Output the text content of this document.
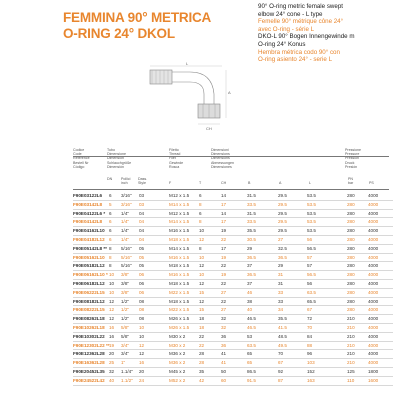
FEMMINA 90° METRICA
O-RING 24° DKOL
90° O-ring metric female swept
elbow 24° cone - L type
Femelle 90° métrique cône 24°
avec O-ring - série L
DKO-L 90° Bogen Innengewinde m
O-ring 24° Konus
Hembra métrica codo 90° con
O-ring asiento 24° - serie L
L
A
CH
Codice
Code
Référence
Bestell Nr
Código
Tubo
Dimensione
Dimension
Schlauchgröße
Dimensión
Filetto
Thread
Filet
Gewinde
Rosca
Dimensioni
Dimensions
Dimensions
Abmessungen
Dimensiones
Pressione
Pressure
Pression
Druck
Presión
DN Pollici
inch
Dass.
Style	F	T	CH	B	A	L
PN
bar	PS
F90E03122L6 6 3/16" 03	M12 x 1.5 6	14	31.5	29.5	53.5	280	4000
F90E03142L8 5 3/16" 03	M14 x 1.5 8	17	33.5	29.5	53.5	280	4000
F90E04122L6 * 6 1/4" 04	M12 x 1.5 6	14	31.5	29.5	53.5	280	4000
F90E04142L8 6 1/4" 04	M14 x 1.5 8	17	33.5	29.5	53.5	280	4000
F90E04162L10 6 1/4" 04	M16 x 1.5 10	19	35.5	29.5	53.5	280	4000
F90E04182L12 6 1/4" 04	M18 x 1.5 12	22	30.5	27	56	280	4000
F90E05142L8 ** 8 5/16" 05	M14 x 1.5 8	17	29	32.5	56.5	280	4000
F90E05162L10 8 5/16" 05	M16 x 1.5 10	19	36.5	36.5	57	280	4000
F90E05182L12 8 5/16" 05	M18 x 1.5 12	22	37	29	57	280	4000
F90E06162L10 * 10 3/8" 06	M16 x 1.5 10	19	36.5	31	56.5	280	4000
F90E06182L12 10 3/8" 06	M18 x 1.5 12	22	37	31	56	280	4000
F90E06222L15 10 3/8" 06	M22 x 1.5 15	27	46	33	63.5	280	4000
F90E08182L12 12 1/2" 08	M18 x 1.5 12	22	38	33	65.5	280	4000
F90E08222L15 12 1/2" 08	M22 x 1.5 15	27	40	34	67	280	4000
F90E08262L18 12 1/2" 08	M26 x 1.5 18	32	46.5	35.5	72	210	4000
F90E10262L18 16 5/8" 10	M26 x 1.5 18	32	46.5	41.5	70	210	4000
F90E10302L22 16 5/8" 10	M30 x 2	22	36	53	48.5	84	210	4000
F90E12302L22 ** 19 3/4" 12	M30 x 2	22	36	63.5	49.5	88	210	4000
F90E12362L28 20 3/4" 12	M36 x 2	28	41	65	70	96	210	4000
F90E16362L28 25 1"	16	M36 x 2	28	41	65	67	103	210	4000
F90E20452L35 32 1.1/4" 20	M45 x 2	35	50	86.5	92	152	125	1800
F90E24522L42 40 1.1/2" 24	M52 x 2	42	60	91.5	87	163	110	1600
